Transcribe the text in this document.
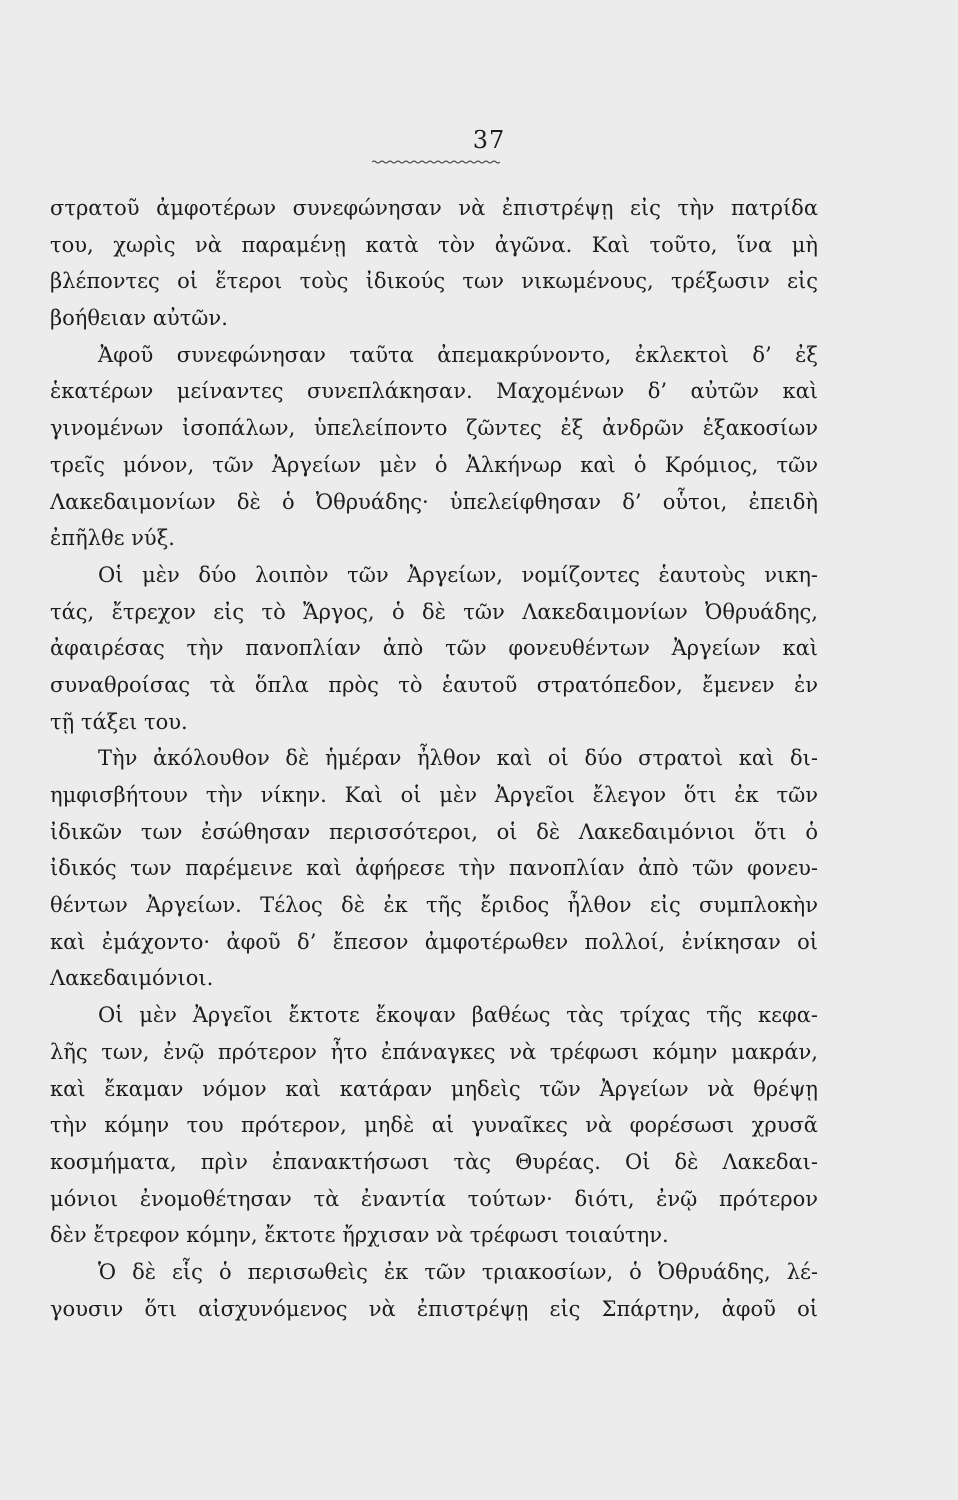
37
στρατοῦ ἀμφοτέρων συνεφώνησαν νὰ ἐπιστρέψῃ εἰς τὴν πατρίδα
του, χωρὶς νὰ παραμένῃ κατὰ τὸν ἀγῶνα. Καὶ τοῦτο, ἵνα μὴ
βλέποντες οἱ ἕτεροι τοὺς ἰδικούς των νικωμένους, τρέξωσιν εἰς
βοήθειαν αὐτῶν.
Ἀφοῦ συνεφώνησαν ταῦτα ἀπεμακρύνοντο, ἐκλεκτοὶ δ’ ἐξ
ἑκατέρων μείναντες συνεπλάκησαν. Μαχομένων δ’ αὐτῶν καὶ
γινομένων ἰσοπάλων, ὑπελείποντο ζῶντες ἐξ ἀνδρῶν ἑξακοσίων
τρεῖς μόνον, τῶν Ἀργείων μὲν ὁ Ἀλκήνωρ καὶ ὁ Κρόμιος, τῶν
Λακεδαιμονίων δὲ ὁ Ὀθρυάδης· ὑπελείφθησαν δ’ οὗτοι, ἐπειδὴ
ἐπῆλθε νύξ.
Οἱ μὲν δύο λοιπὸν τῶν Ἀργείων, νομίζοντες ἑαυτοὺς νικη-
τάς, ἔτρεχον εἰς τὸ Ἄργος, ὁ δὲ τῶν Λακεδαιμονίων Ὀθρυάδης,
ἀφαιρέσας τὴν πανοπλίαν ἀπὸ τῶν φονευθέντων Ἀργείων καὶ
συναθροίσας τὰ ὅπλα πρὸς τὸ ἑαυτοῦ στρατόπεδον, ἔμενεν ἐν
τῇ τάξει του.
Τὴν ἀκόλουθον δὲ ἡμέραν ἦλθον καὶ οἱ δύο στρατοὶ καὶ δι-
ημφισβήτουν τὴν νίκην. Καὶ οἱ μὲν Ἀργεῖοι ἔλεγον ὅτι ἐκ τῶν
ἰδικῶν των ἐσώθησαν περισσότεροι, οἱ δὲ Λακεδαιμόνιοι ὅτι ὁ
ἰδικός των παρέμεινε καὶ ἀφήρεσε τὴν πανοπλίαν ἀπὸ τῶν φονευ-
θέντων Ἀργείων. Τέλος δὲ ἐκ τῆς ἔριδος ἦλθον εἰς συμπλοκὴν
καὶ ἐμάχοντο· ἀφοῦ δ’ ἔπεσον ἀμφοτέρωθεν πολλοί, ἐνίκησαν οἱ
Λακεδαιμόνιοι.
Οἱ μὲν Ἀργεῖοι ἔκτοτε ἔκοψαν βαθέως τὰς τρίχας τῆς κεφα-
λῆς των, ἐνῷ πρότερον ἦτο ἐπάναγκες νὰ τρέφωσι κόμην μακράν,
καὶ ἔκαμαν νόμον καὶ κατάραν μηδεὶς τῶν Ἀργείων νὰ θρέψῃ
τὴν κόμην του πρότερον, μηδὲ αἱ γυναῖκες νὰ φορέσωσι χρυσᾶ
κοσμήματα, πρὶν ἐπανακτήσωσι τὰς Θυρέας. Οἱ δὲ Λακεδαι-
μόνιοι ἐνομοθέτησαν τὰ ἐναντία τούτων· διότι, ἐνῷ πρότερον
δὲν ἔτρεφον κόμην, ἔκτοτε ἤρχισαν νὰ τρέφωσι τοιαύτην.
Ὁ δὲ εἷς ὁ περισωθεὶς ἐκ τῶν τριακοσίων, ὁ Ὀθρυάδης, λέ-
γουσιν ὅτι αἰσχυνόμενος νὰ ἐπιστρέψῃ εἰς Σπάρτην, ἀφοῦ οἱ
